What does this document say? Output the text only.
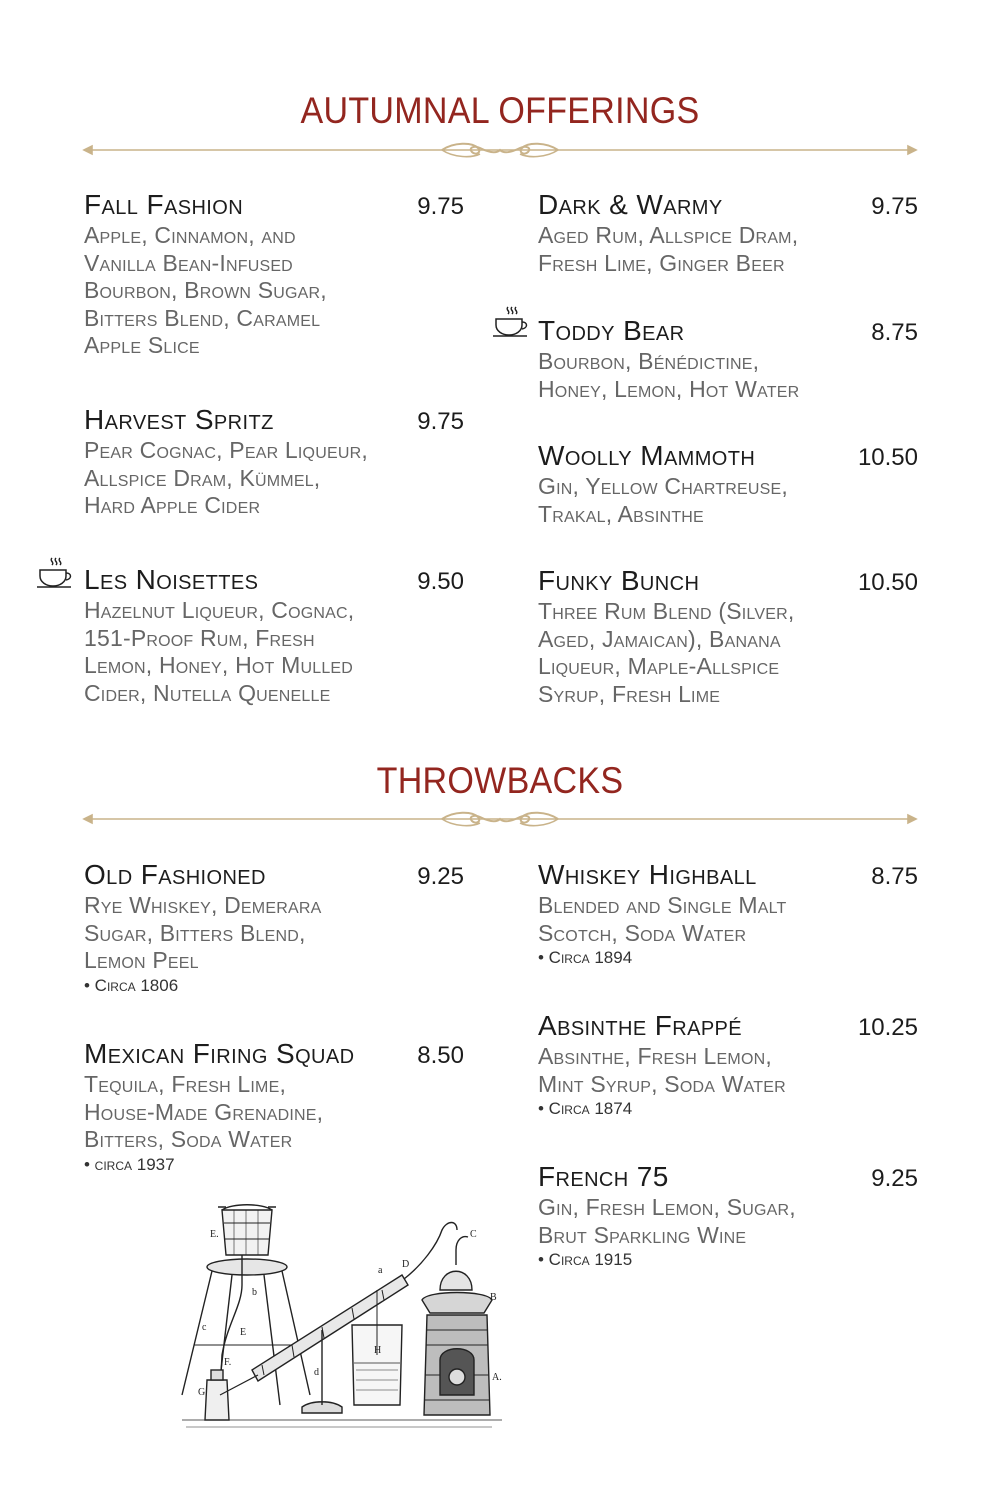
AUTUMNAL OFFERINGS
Fall Fashion	9.75
Apple, Cinnamon, and Vanilla Bean-Infused Bourbon, Brown Sugar, Bitters Blend, Caramel Apple Slice
Harvest Spritz	9.75
Pear Cognac, Pear Liqueur, Allspice Dram, Kümmel, Hard Apple Cider
Les Noisettes	9.50
Hazelnut Liqueur, Cognac, 151-Proof Rum, Fresh Lemon, Honey, Hot Mulled Cider, Nutella Quenelle
Dark & Warmy	9.75
Aged Rum, Allspice Dram, Fresh Lime, Ginger Beer
Toddy Bear	8.75
Bourbon, Bénédictine, Honey, Lemon, Hot Water
Woolly Mammoth	10.50
Gin, Yellow Chartreuse, Trakal, Absinthe
Funky Bunch	10.50
Three Rum Blend (Silver, Aged, Jamaican), Banana Liqueur, Maple-Allspice Syrup, Fresh Lime
THROWBACKS
Old Fashioned	9.25
Rye Whiskey, Demerara Sugar, Bitters Blend, Lemon Peel
• Circa 1806
Mexican Firing Squad	8.50
Tequila, Fresh Lime, House-Made Grenadine, Bitters, Soda Water
• circa 1937
Whiskey Highball	8.75
Blended and Single Malt Scotch, Soda Water
• Circa 1894
Absinthe Frappé	10.25
Absinthe, Fresh Lemon, Mint Syrup, Soda Water
• Circa 1874
French 75	9.25
Gin, Fresh Lemon, Sugar, Brut Sparkling Wine
• Circa 1915
A.
B
C
D
E
E.
F.
G
H
a
b
c
d
